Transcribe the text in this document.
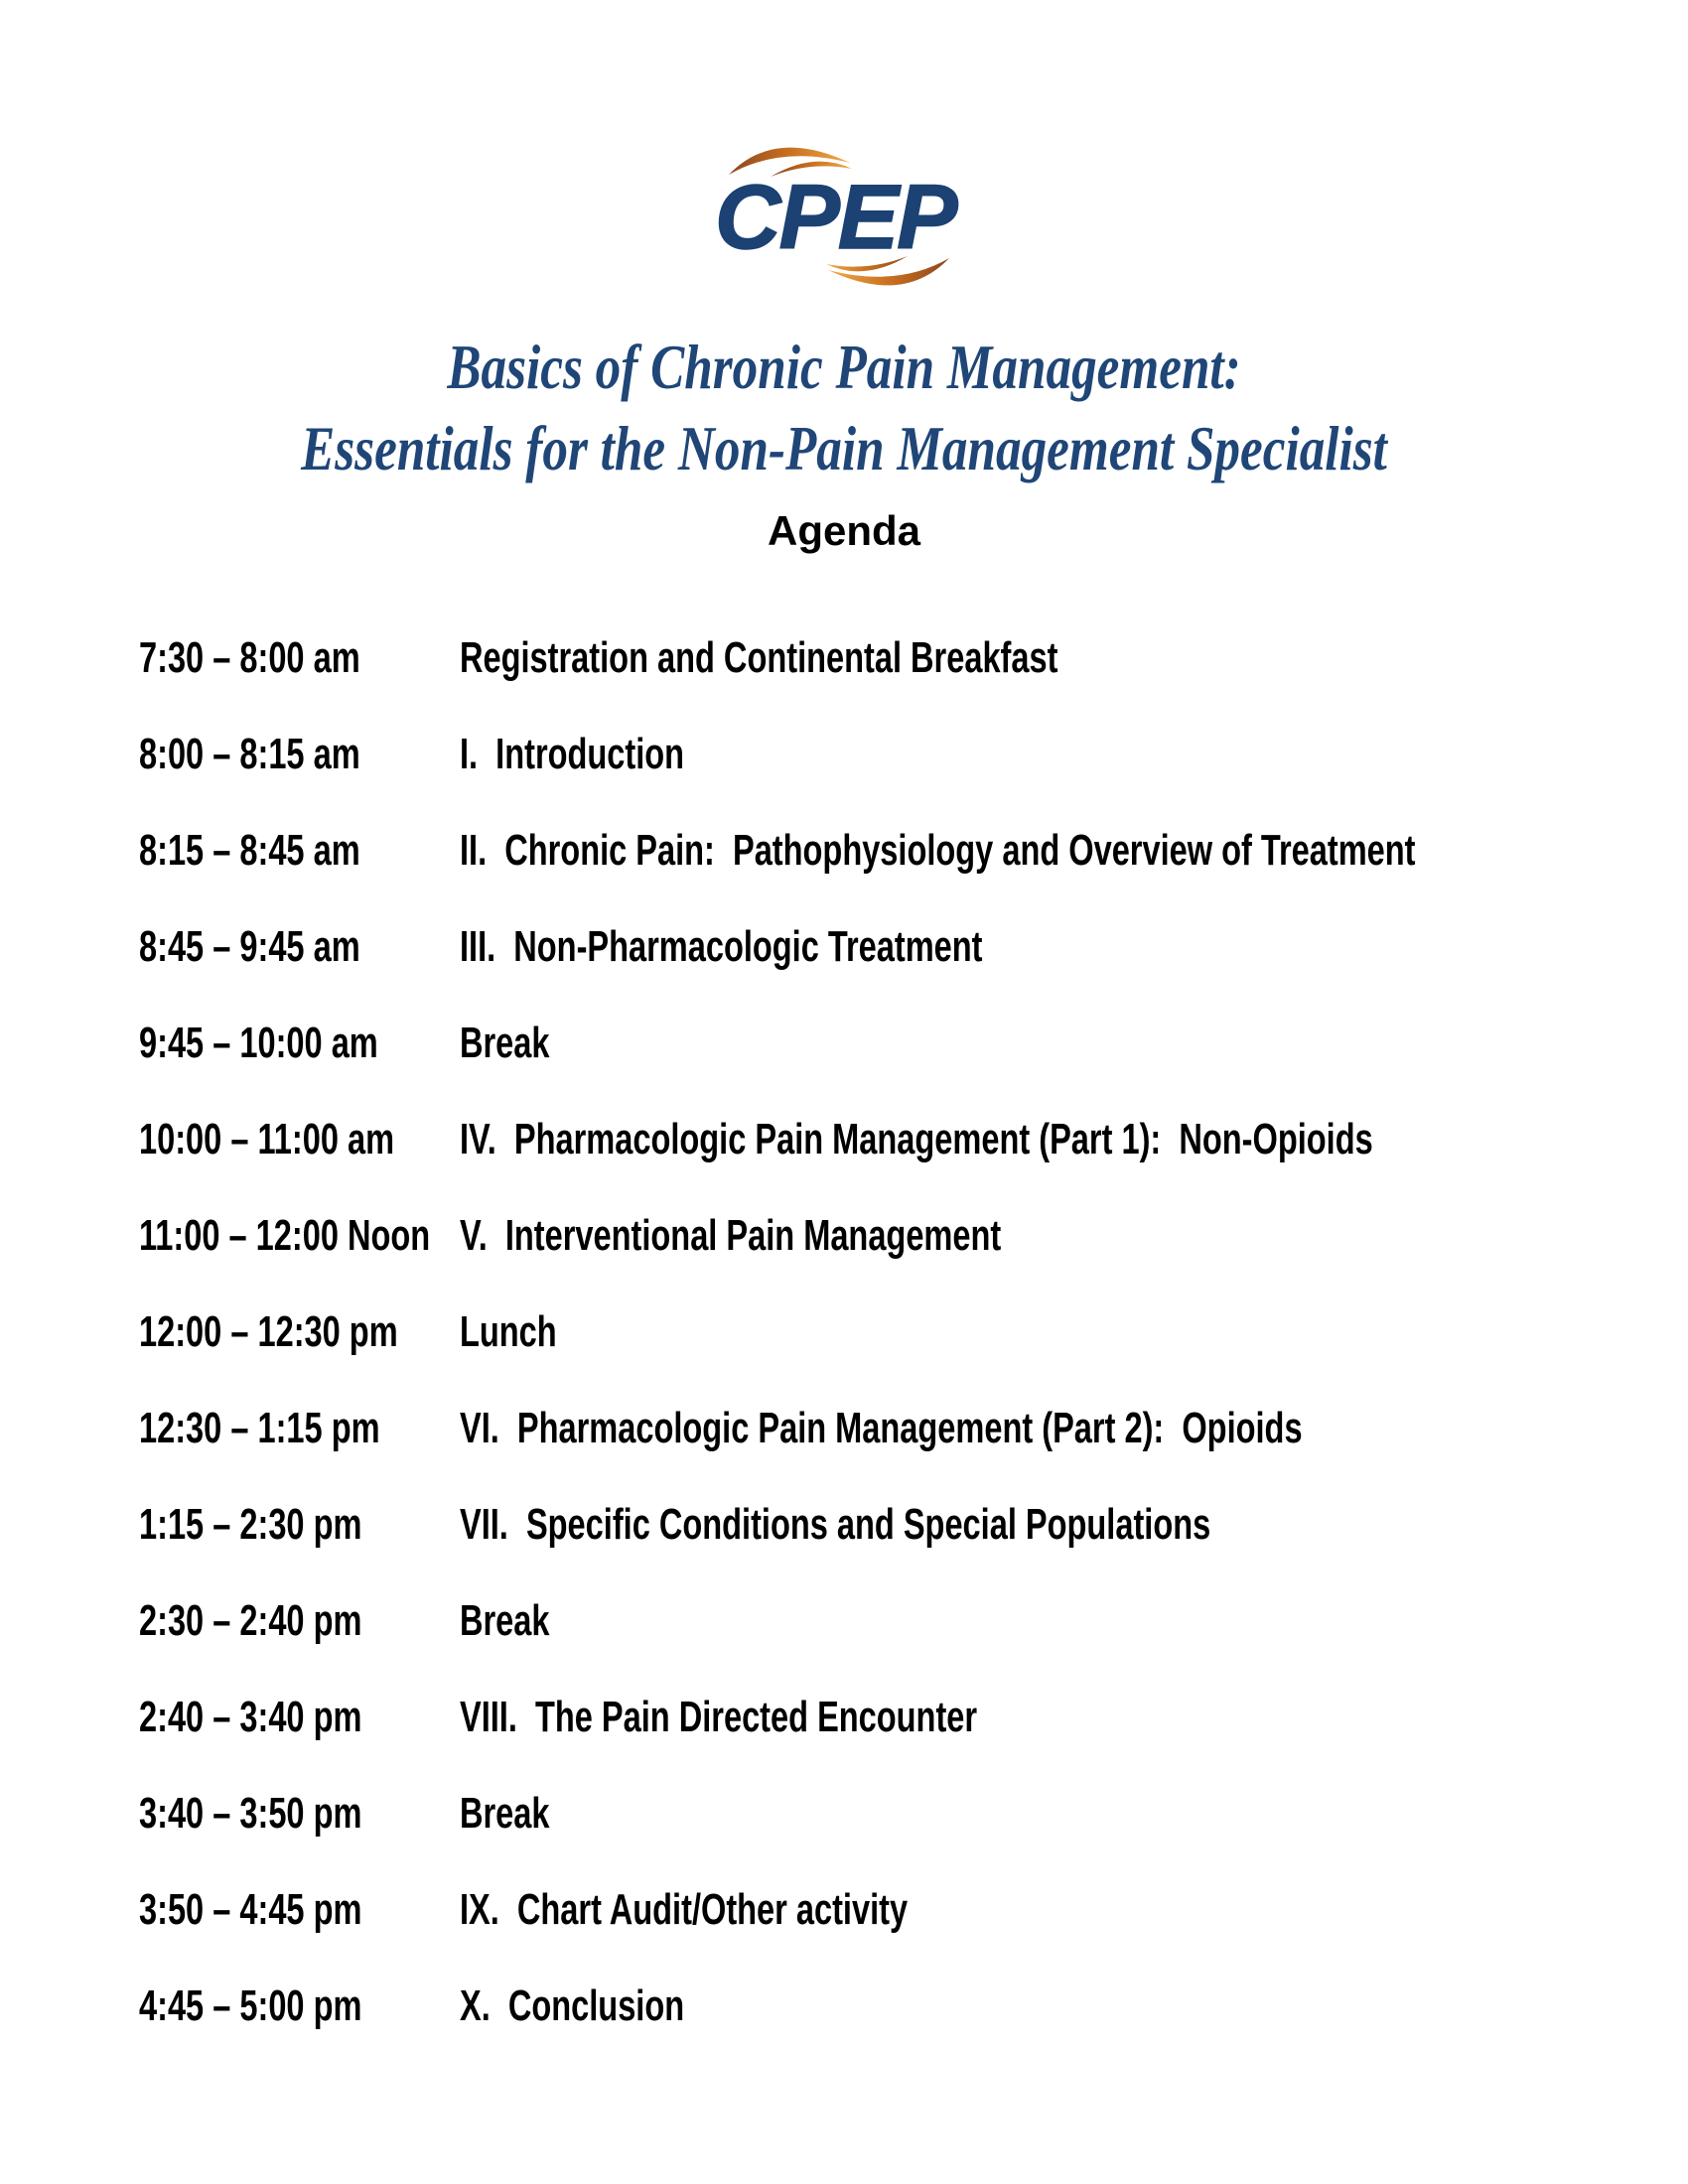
CPEP
Basics of Chronic Pain Management:
Essentials for the Non-Pain Management Specialist
Agenda
7:30 – 8:00 am	Registration and Continental Breakfast
8:00 – 8:15 am	I.  Introduction
8:15 – 8:45 am	II.  Chronic Pain:  Pathophysiology and Overview of Treatment
8:45 – 9:45 am	III.  Non-Pharmacologic Treatment
9:45 – 10:00 am	Break
10:00 – 11:00 am	IV.  Pharmacologic Pain Management (Part 1):  Non-Opioids
11:00 – 12:00 Noon V.  Interventional Pain Management
12:00 – 12:30 pm	Lunch
12:30 – 1:15 pm	VI.  Pharmacologic Pain Management (Part 2):  Opioids
1:15 – 2:30 pm	VII.  Specific Conditions and Special Populations
2:30 – 2:40 pm	Break
2:40 – 3:40 pm	VIII.  The Pain Directed Encounter
3:40 – 3:50 pm	Break
3:50 – 4:45 pm	IX.  Chart Audit/Other activity
4:45 – 5:00 pm	X.  Conclusion
